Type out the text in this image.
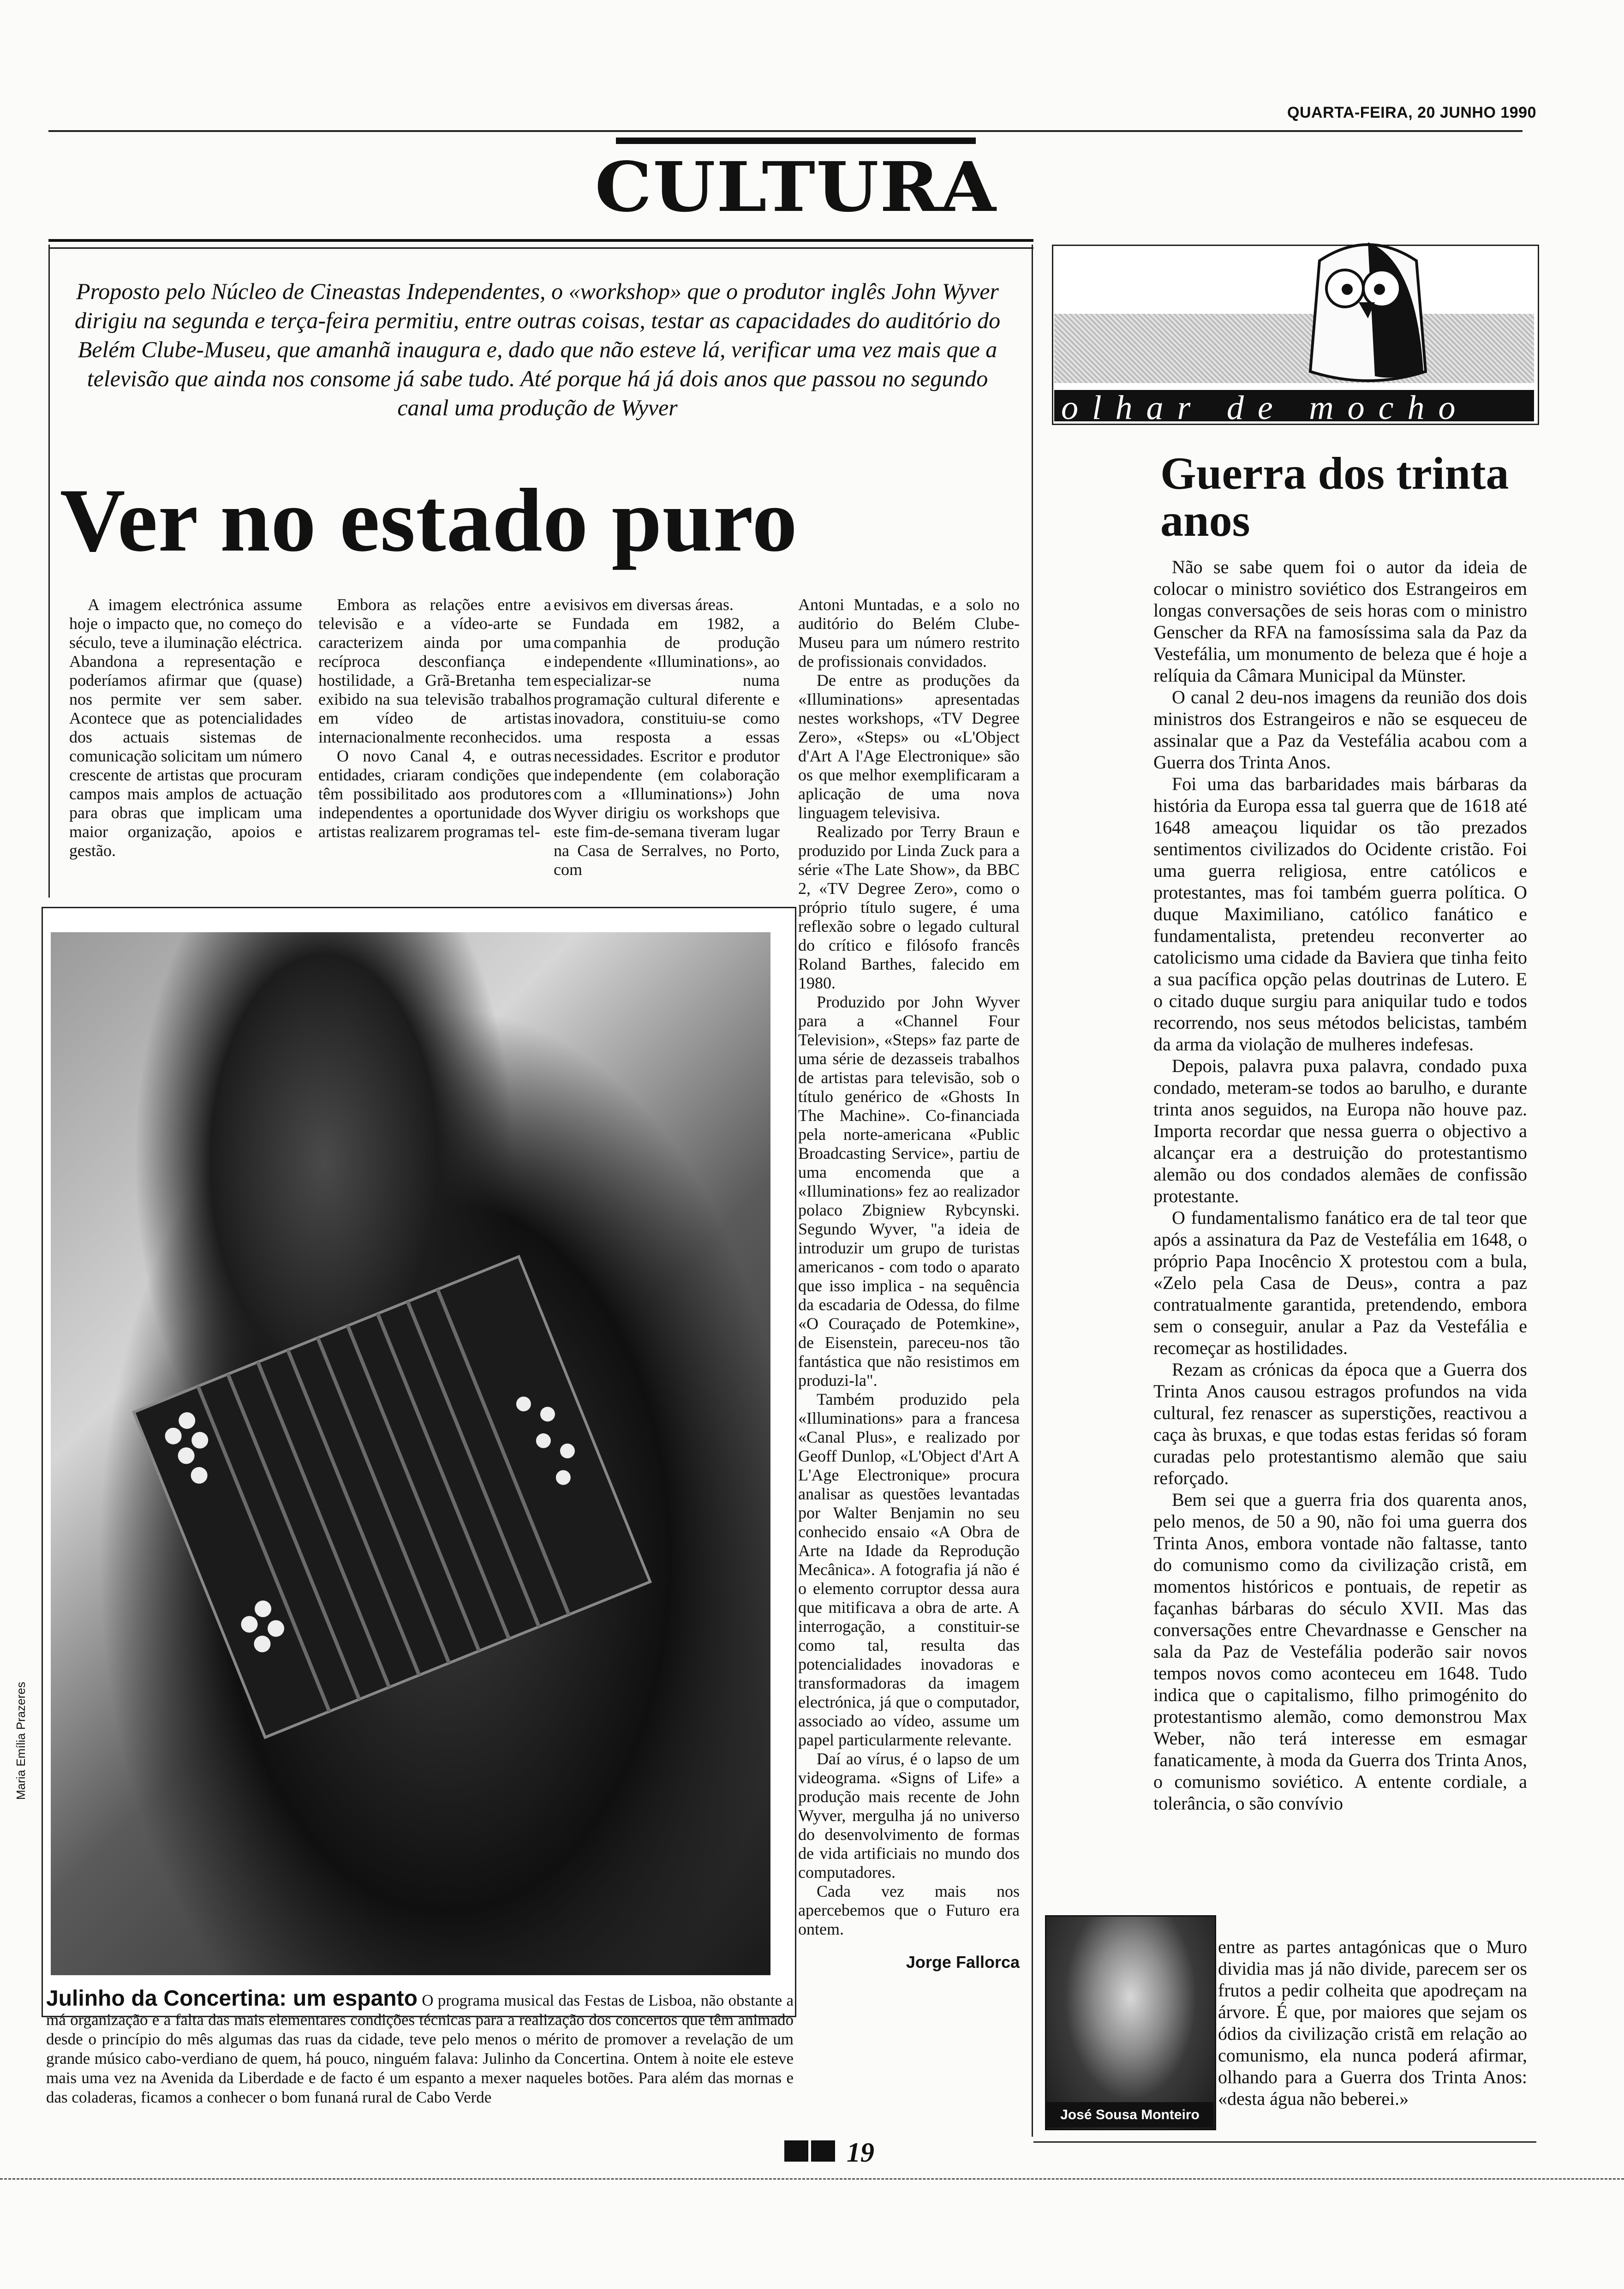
QUARTA-FEIRA, 20 JUNHO 1990
CULTURA
Proposto pelo Núcleo de Cineastas Independentes, o «workshop» que o produtor inglês John Wyver dirigiu na segunda e terça-feira permitiu, entre outras coisas, testar as capacidades do auditório do Belém Clube-Museu, que amanhã inaugura e, dado que não esteve lá, verificar uma vez mais que a televisão que ainda nos consome já sabe tudo. Até porque há já dois anos que passou no segundo canal uma produção de Wyver
Ver no estado puro

A imagem electrónica assume hoje o impacto que, no começo do século, teve a iluminação eléctrica. Abandona a representação e poderíamos afirmar que (quase) nos permite ver sem saber. Acontece que as potencialidades dos actuais sistemas de comunicação solicitam um número crescente de artistas que procuram campos mais amplos de actuação para obras que implicam uma maior organização, apoios e gestão.

Embora as relações entre a televisão e a vídeo-arte se caracterizem ainda por uma recíproca desconfiança e hostilidade, a Grã-Bretanha tem exibido na sua televisão trabalhos em vídeo de artistas internacionalmente reconhecidos.

O novo Canal 4, e outras entidades, criaram condições que têm possibilitado aos produtores independentes a oportunidade dos artistas realizarem programas tel-

evisivos em diversas áreas.

Fundada em 1982, a companhia de produção independente «Illuminations», ao especializar-se numa programação cultural diferente e inovadora, constituiu-se como uma resposta a essas necessidades. Escritor e produtor independente (em colaboração com a «Illuminations») John Wyver dirigiu os workshops que este fim-de-semana tiveram lugar na Casa de Serralves, no Porto, com

Antoni Muntadas, e a solo no auditório do Belém Clube-Museu para um número restrito de profissionais convidados.

De entre as produções da «Illuminations» apresentadas nestes workshops, «TV Degree Zero», «Steps» ou «L'Object d'Art A l'Age Electronique» são os que melhor exemplificaram a aplicação de uma nova linguagem televisiva.

Realizado por Terry Braun e produzido por Linda Zuck para a série «The Late Show», da BBC 2, «TV Degree Zero», como o próprio título sugere, é uma reflexão sobre o legado cultural do crítico e filósofo francês Roland Barthes, falecido em 1980.

Produzido por John Wyver para a «Channel Four Television», «Steps» faz parte de uma série de dezasseis trabalhos de artistas para televisão, sob o título genérico de «Ghosts In The Machine». Co-financiada pela norte-americana «Public Broadcasting Service», partiu de uma encomenda que a «Illuminations» fez ao realizador polaco Zbigniew Rybcynski. Segundo Wyver, "a ideia de introduzir um grupo de turistas americanos - com todo o aparato que isso implica - na sequência da escadaria de Odessa, do filme «O Couraçado de Potemkine», de Eisenstein, pareceu-nos tão fantástica que não resistimos em produzi-la".

Também produzido pela «Illuminations» para a francesa «Canal Plus», e realizado por Geoff Dunlop, «L'Object d'Art A L'Age Electronique» procura analisar as questões levantadas por Walter Benjamin no seu conhecido ensaio «A Obra de Arte na Idade da Reprodução Mecânica». A fotografia já não é o elemento corruptor dessa aura que mitificava a obra de arte. A interrogação, a constituir-se como tal, resulta das potencialidades inovadoras e transformadoras da imagem electrónica, já que o computador, associado ao vídeo, assume um papel particularmente relevante.

Daí ao vírus, é o lapso de um videograma. «Signs of Life» a produção mais recente de John Wyver, mergulha já no universo do desenvolvimento de formas de vida artificiais no mundo dos computadores.

Cada vez mais nos apercebemos que o Futuro era ontem.

Jorge Fallorca

Maria Emília Prazeres
Julinho da Concertina: um espanto O programa musical das Festas de Lisboa, não obstante a má organização e a falta das mais elementares condições técnicas para a realização dos concertos que têm animado desde o princípio do mês algumas das ruas da cidade, teve pelo menos o mérito de promover a revelação de um grande músico cabo-verdiano de quem, há pouco, ninguém falava: Julinho da Concertina. Ontem à noite ele esteve mais uma vez na Avenida da Liberdade e de facto é um espanto a mexer naqueles botões. Para além das mornas e das coladeras, ficamos a conhecer o bom funaná rural de Cabo Verde
olhar de mocho
Guerra dos trinta anos

Não se sabe quem foi o autor da ideia de colocar o ministro soviético dos Estrangeiros em longas conversações de seis horas com o ministro Genscher da RFA na famosíssima sala da Paz da Vestefália, um monumento de beleza que é hoje a relíquia da Câmara Municipal da Münster.

O canal 2 deu-nos imagens da reunião dos dois ministros dos Estrangeiros e não se esqueceu de assinalar que a Paz da Vestefália acabou com a Guerra dos Trinta Anos.

Foi uma das barbaridades mais bárbaras da história da Europa essa tal guerra que de 1618 até 1648 ameaçou liquidar os tão prezados sentimentos civilizados do Ocidente cristão. Foi uma guerra religiosa, entre católicos e protestantes, mas foi também guerra política. O duque Maximiliano, católico fanático e fundamentalista, pretendeu reconverter ao catolicismo uma cidade da Baviera que tinha feito a sua pacífica opção pelas doutrinas de Lutero. E o citado duque surgiu para aniquilar tudo e todos recorrendo, nos seus métodos belicistas, também da arma da violação de mulheres indefesas.

Depois, palavra puxa palavra, condado puxa condado, meteram-se todos ao barulho, e durante trinta anos seguidos, na Europa não houve paz. Importa recordar que nessa guerra o objectivo a alcançar era a destruição do protestantismo alemão ou dos condados alemães de confissão protestante.

O fundamentalismo fanático era de tal teor que após a assinatura da Paz de Vestefália em 1648, o próprio Papa Inocêncio X protestou com a bula, «Zelo pela Casa de Deus», contra a paz contratualmente garantida, pretendendo, embora sem o conseguir, anular a Paz da Vestefália e recomeçar as hostilidades.

Rezam as crónicas da época que a Guerra dos Trinta Anos causou estragos profundos na vida cultural, fez renascer as superstições, reactivou a caça às bruxas, e que todas estas feridas só foram curadas pelo protestantismo alemão que saiu reforçado.

Bem sei que a guerra fria dos quarenta anos, pelo menos, de 50 a 90, não foi uma guerra dos Trinta Anos, embora vontade não faltasse, tanto do comunismo como da civilização cristã, em momentos históricos e pontuais, de repetir as façanhas bárbaras do século XVII. Mas das conversações entre Chevardnasse e Genscher na sala da Paz de Vestefália poderão sair novos tempos novos como aconteceu em 1648. Tudo indica que o capitalismo, filho primogénito do protestantismo alemão, como demonstrou Max Weber, não terá interesse em esmagar fanaticamente, à moda da Guerra dos Trinta Anos, o comunismo soviético. A entente cordiale, a tolerância, o são convívio

entre as partes antagónicas que o Muro dividia mas já não divide, parecem ser os frutos a pedir colheita que apodreçam na árvore. É que, por maiores que sejam os ódios da civilização cristã em relação ao comunismo, ela nunca poderá afirmar, olhando para a Guerra dos Trinta Anos: «desta água não beberei.»

José Sousa Monteiro
19
